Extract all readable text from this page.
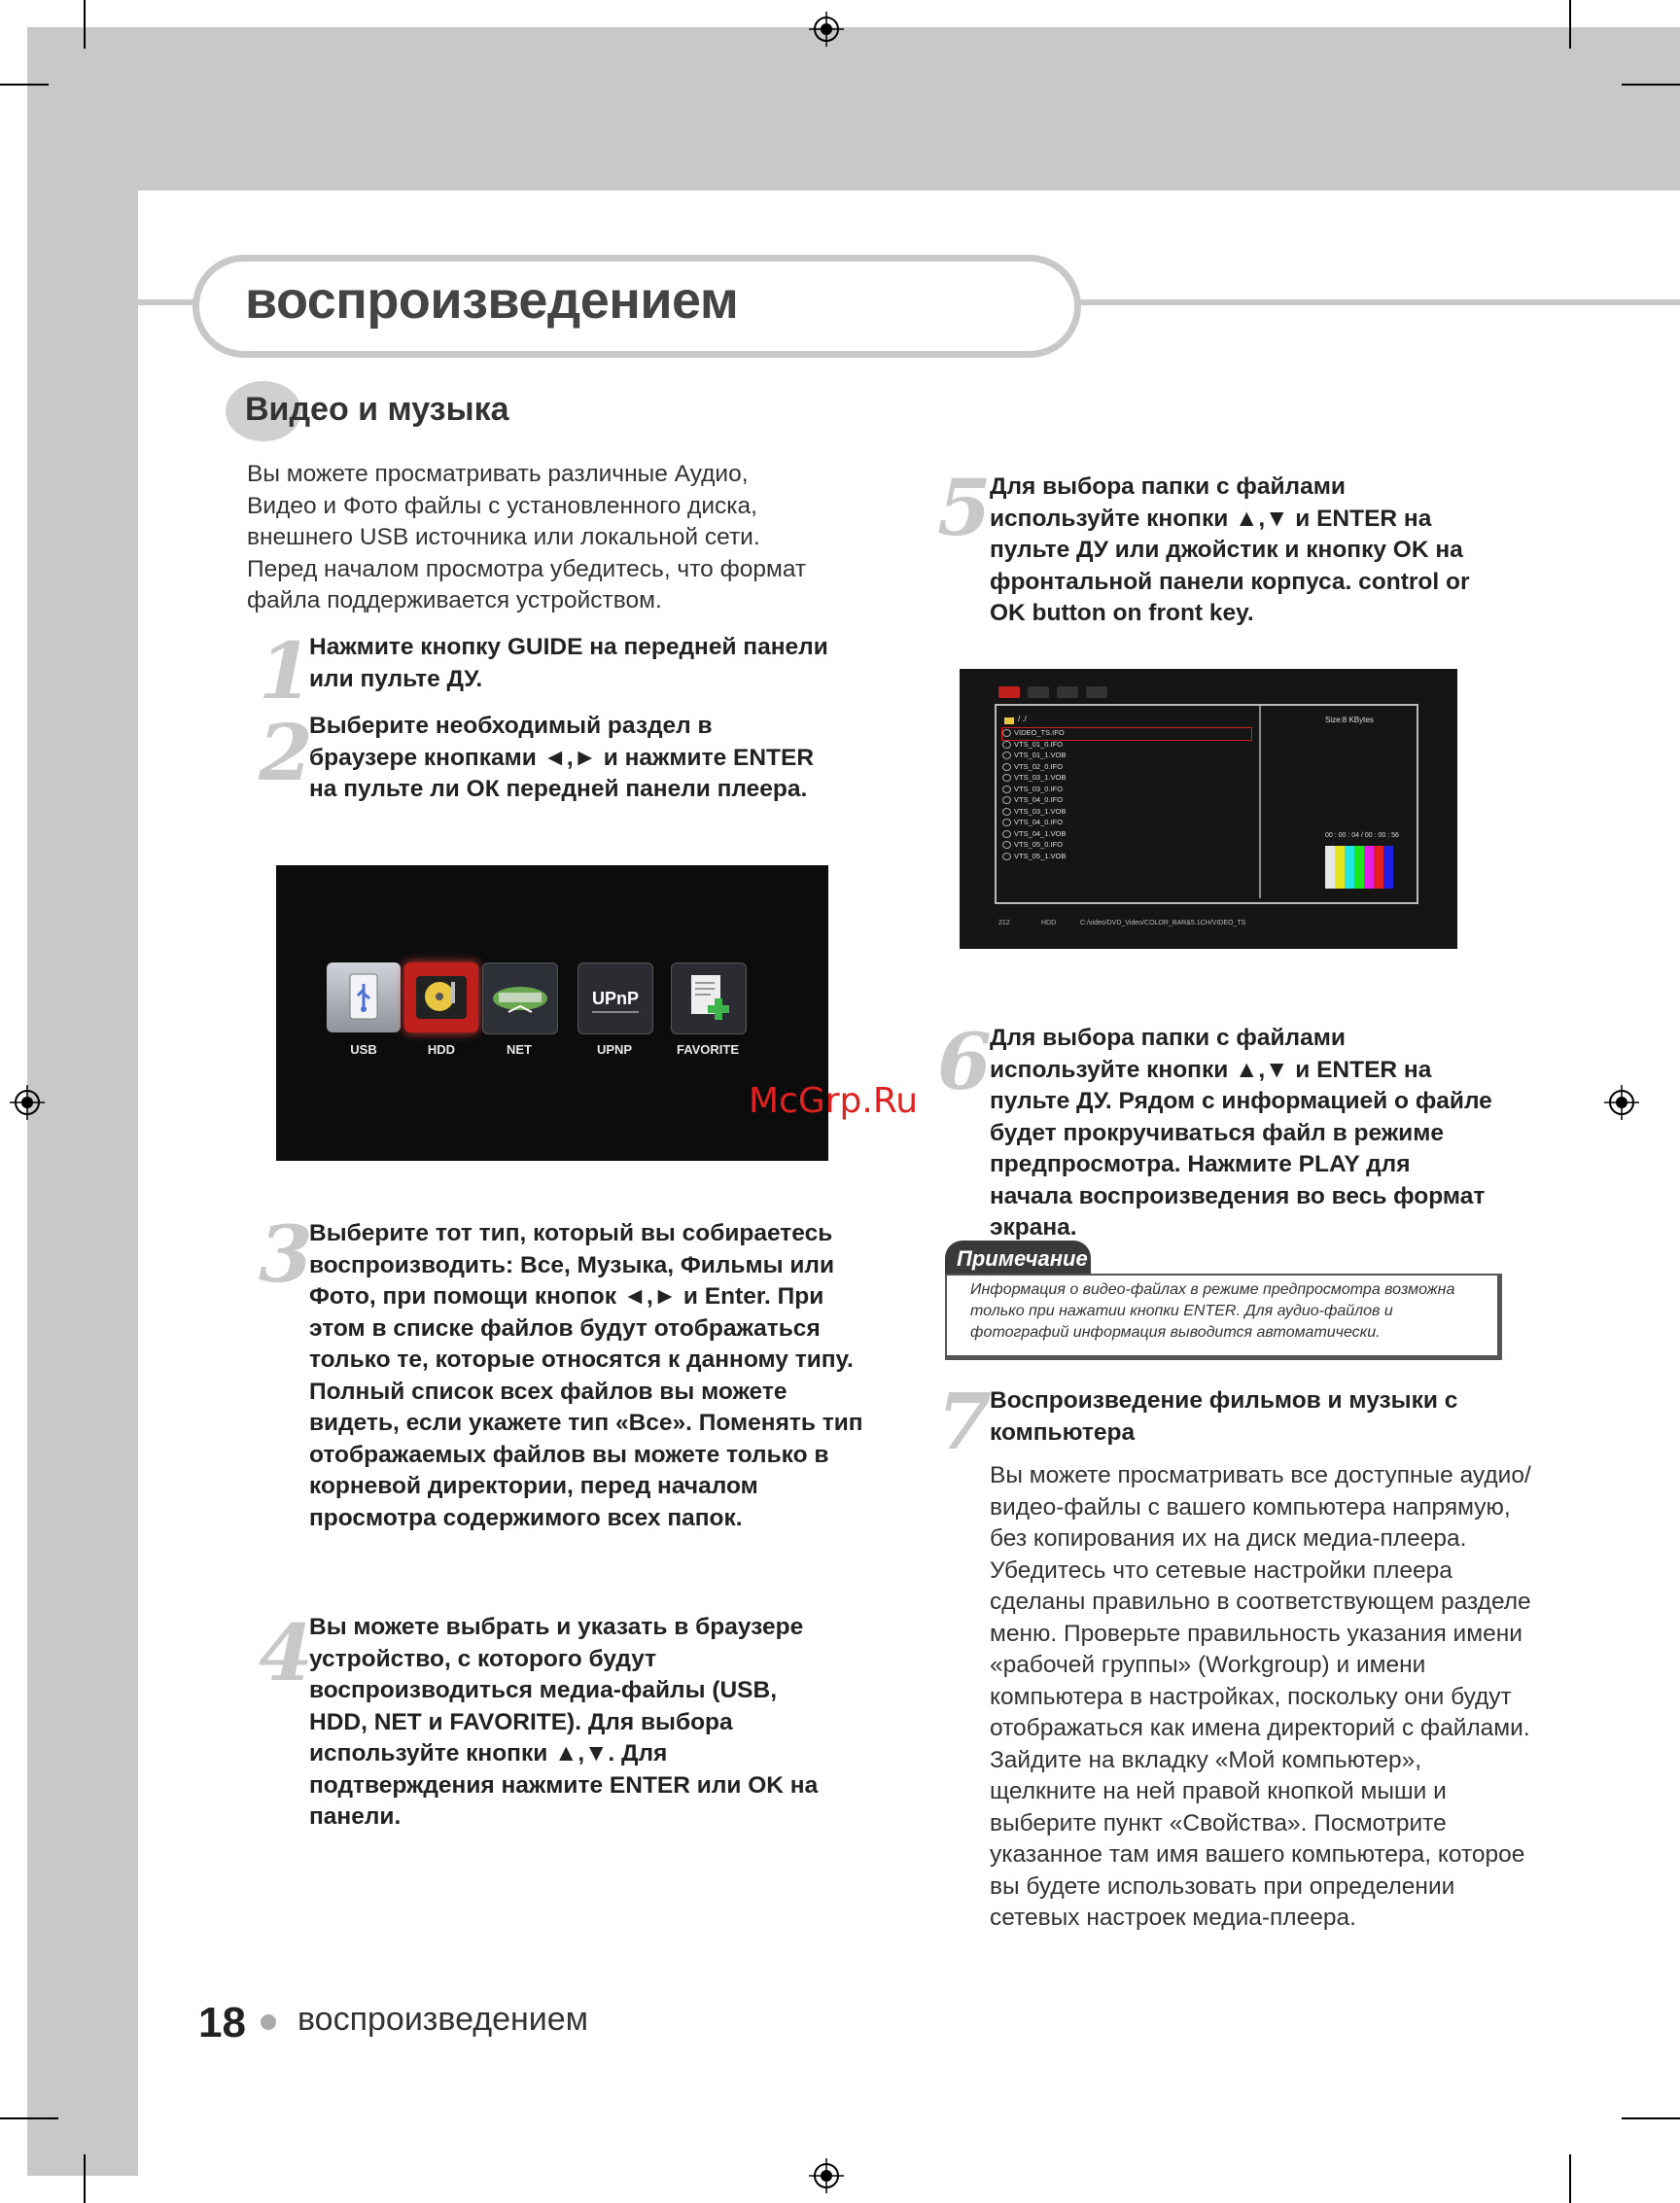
воспроизведением
Видео и музыка
Вы можете просматривать различные Аудио, Видео и Фото файлы с установленного диска, внешнего USB источника или локальной сети. Перед началом просмотра убедитесь, что формат файла поддерживается устройством.
1
Нажмите кнопку GUIDE на передней панели или пульте ДУ.
2
Выберите необходимый раздел в браузере кнопками ◄,► и нажмите ENTER на пульте ли ОК передней панели плеера.
UPnP
USB	HDD	NET	UPNP	FAVORITE
3
Выберите тот тип, который вы собираетесь воспроизводить: Все, Музыка, Фильмы или Фото, при помощи кнопок ◄,► и Enter. При этом в списке файлов будут отображаться только те, которые относятся к данному типу. Полный список всех файлов вы можете видеть, если укажете тип «Все». Поменять тип отображаемых файлов вы можете только в корневой директории, перед началом просмотра содержимого всех папок.
4
Вы можете выбрать и указать в браузере устройство, с которого будут воспроизводиться медиа-файлы (USB, HDD, NET и FAVORITE). Для выбора используйте кнопки ▲,▼. Для подтверждения нажмите ENTER или OK на панели.
5
Для выбора папки с файлами используйте кнопки ▲,▼ и ENTER на пульте ДУ или джойстик и кнопку OK на фронтальной панели корпуса. control or OK button on front key.
/ ./
VIDEO_TS.IFO
VTS_01_0.IFO
VTS_01_1.VOB
VTS_02_0.IFO
VTS_03_1.VOB
VTS_03_0.IFO
VTS_04_0.IFO
VTS_03_1.VOB
VTS_04_0.IFO
VTS_04_1.VOB
VTS_05_0.IFO
VTS_05_1.VOB
Size:8 KBytes
00 : 00 : 04 / 00 : 00 : 56
212	HDD	C:/video/DVD_Video/COLOR_BAR&5.1CH/VIDEO_TS
6
Для выбора папки с файлами используйте кнопки ▲,▼ и ENTER на пульте ДУ. Рядом с информацией о файле будет прокручиваться файл в режиме предпросмотра. Нажмите PLAY для начала воспроизведения во весь формат экрана.
McGrp.Ru
Примечание
Информация о видео-файлах в режиме предпросмотра возможна только при нажатии кнопки ENTER. Для аудио-файлов и фотографий информация выводится автоматически.
7
Воспроизведение фильмов и музыки с компьютера
Вы можете просматривать все доступные аудио/видео-файлы с вашего компьютера напрямую, без копирования их на диск медиа-плеера. Убедитесь что сетевые настройки плеера сделаны правильно в соответствующем разделе меню. Проверьте правильность указания имени «рабочей группы» (Workgroup) и имени компьютера в настройках, поскольку они будут отображаться как имена директорий с файлами. Зайдите на вкладку «Мой компьютер», щелкните на ней правой кнопкой мыши и выберите пункт «Свойства». Посмотрите указанное там имя вашего компьютера, которое вы будете использовать при определении сетевых настроек медиа-плеера.
18 воспроизведением
